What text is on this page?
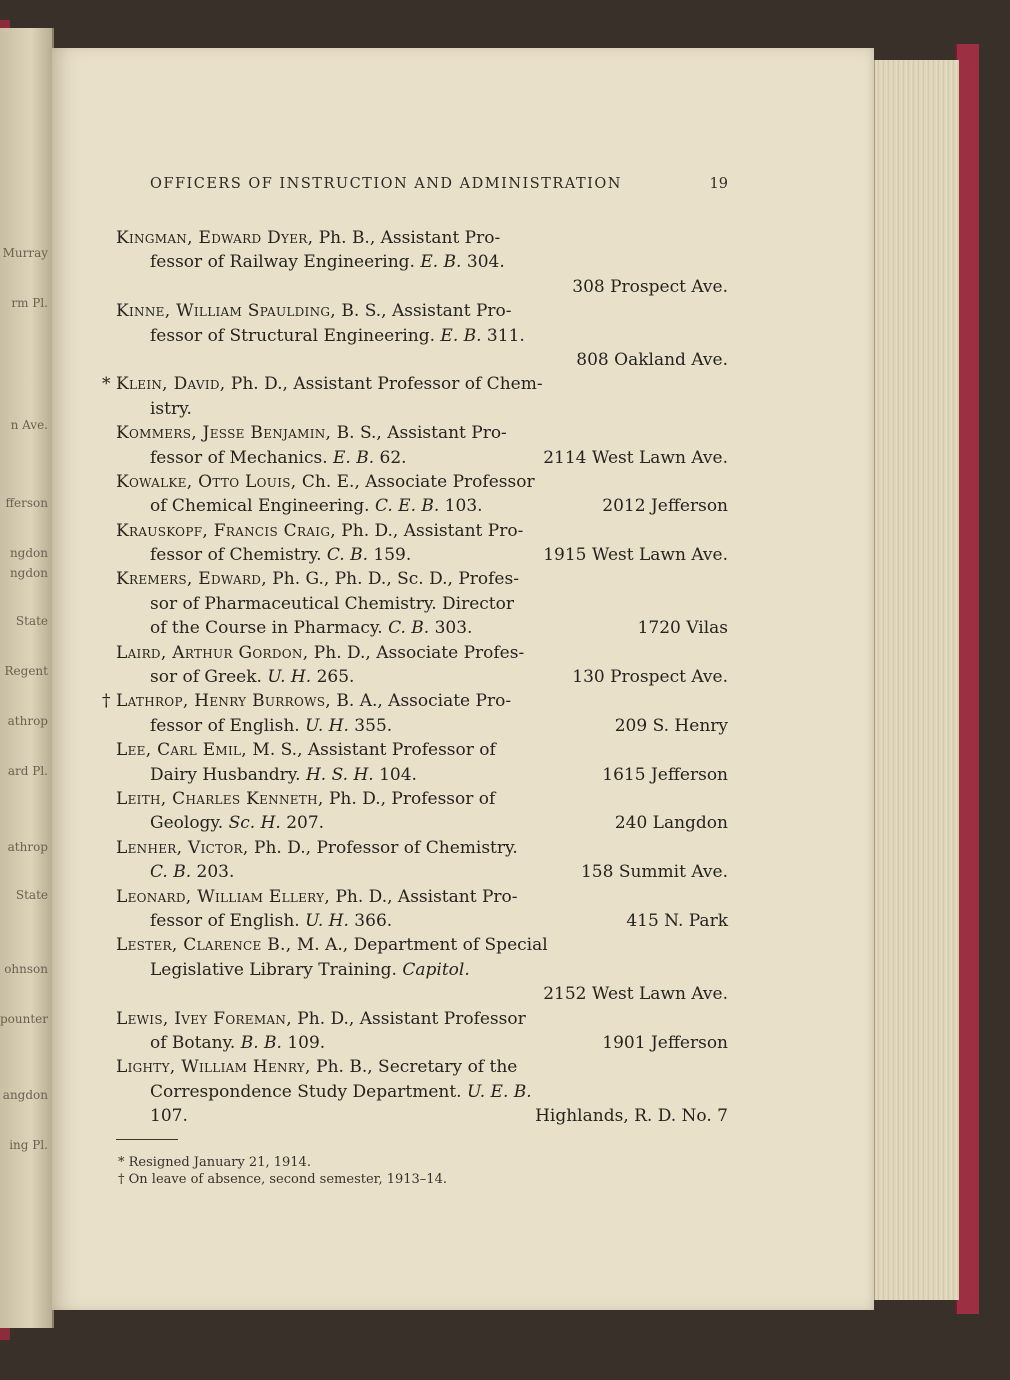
OFFICERS OF INSTRUCTION AND ADMINISTRATION	19
Kingman, Edward Dyer, Ph. B., Assistant Pro-
fessor of Railway Engineering. E. B. 304.
308 Prospect Ave.
Kinne, William Spaulding, B. S., Assistant Pro-
fessor of Structural Engineering. E. B. 311.
808 Oakland Ave.
* Klein, David, Ph. D., Assistant Professor of Chem-
istry.
Kommers, Jesse Benjamin, B. S., Assistant Pro-
fessor of Mechanics. E. B. 62.	2114 West Lawn Ave.
Kowalke, Otto Louis, Ch. E., Associate Professor
of Chemical Engineering. C. E. B. 103.	2012 Jefferson
Krauskopf, Francis Craig, Ph. D., Assistant Pro-
fessor of Chemistry. C. B. 159.	1915 West Lawn Ave.
Kremers, Edward, Ph. G., Ph. D., Sc. D., Profes-
sor of Pharmaceutical Chemistry. Director
of the Course in Pharmacy. C. B. 303.	1720 Vilas
Laird, Arthur Gordon, Ph. D., Associate Profes-
sor of Greek. U. H. 265.	130 Prospect Ave.
† Lathrop, Henry Burrows, B. A., Associate Pro-
fessor of English. U. H. 355.	209 S. Henry
Lee, Carl Emil, M. S., Assistant Professor of
Dairy Husbandry. H. S. H. 104.	1615 Jefferson
Leith, Charles Kenneth, Ph. D., Professor of
Geology. Sc. H. 207.	240 Langdon
Lenher, Victor, Ph. D., Professor of Chemistry.
C. B. 203.	158 Summit Ave.
Leonard, William Ellery, Ph. D., Assistant Pro-
fessor of English. U. H. 366.	415 N. Park
Lester, Clarence B., M. A., Department of Special
Legislative Library Training. Capitol.
2152 West Lawn Ave.
Lewis, Ivey Foreman, Ph. D., Assistant Professor
of Botany. B. B. 109.	1901 Jefferson
Lighty, William Henry, Ph. B., Secretary of the
Correspondence Study Department. U. E. B.
107.	Highlands, R. D. No. 7
* Resigned January 21, 1914.
† On leave of absence, second semester, 1913–14.
Murray
rm Pl.
n Ave.
fferson
ngdon
ngdon
State
Regent
athrop
ard Pl.
athrop
State
ohnson
pounter
angdon
ing Pl.
